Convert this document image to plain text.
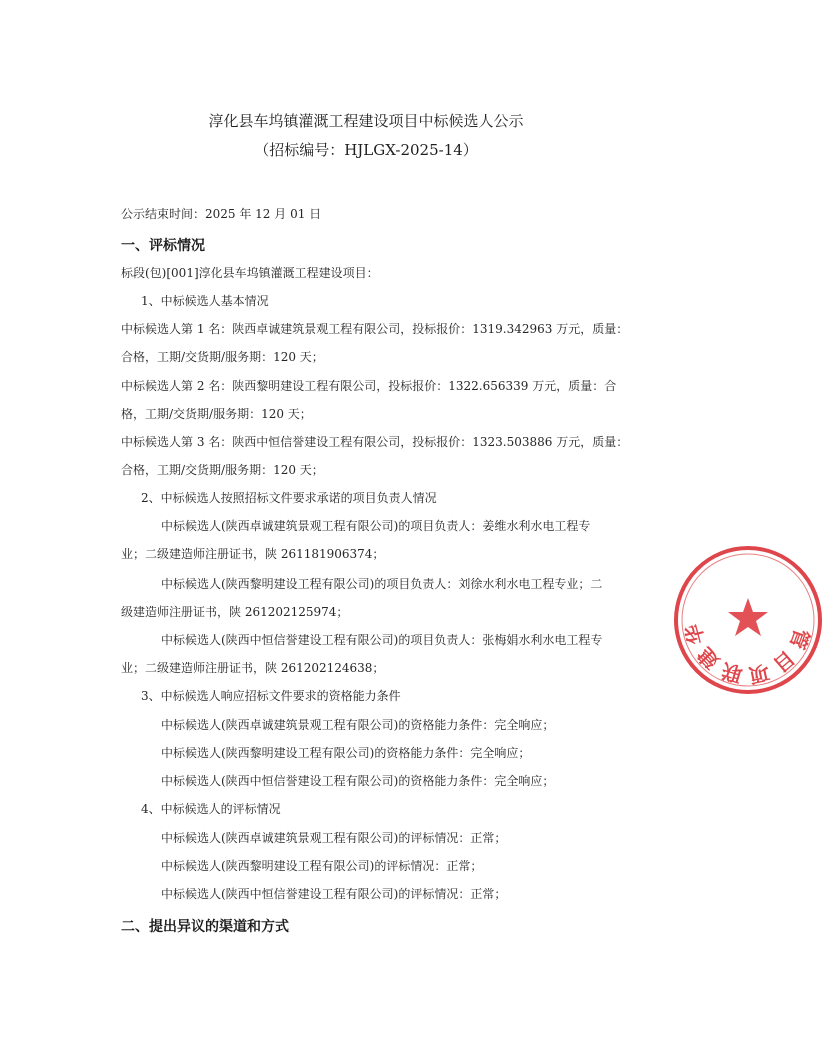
淳化县车坞镇灌溉工程建设项目中标候选人公示
（招标编号：HJLGX-2025-14）
公示结束时间：2025 年 12 月 01 日
一、评标情况
标段(包)[001]淳化县车坞镇灌溉工程建设项目：
1、中标候选人基本情况
中标候选人第 1 名：陕西卓诚建筑景观工程有限公司，投标报价：1319.342963 万元，质量：
合格，工期/交货期/服务期：120 天；
中标候选人第 2 名：陕西黎明建设工程有限公司，投标报价：1322.656339 万元，质量：合
格，工期/交货期/服务期：120 天；
中标候选人第 3 名：陕西中恒信誉建设工程有限公司，投标报价：1323.503886 万元，质量：
合格，工期/交货期/服务期：120 天；
2、中标候选人按照招标文件要求承诺的项目负责人情况
中标候选人(陕西卓诚建筑景观工程有限公司)的项目负责人：姜维水利水电工程专
业；二级建造师注册证书，陕 261181906374；
中标候选人(陕西黎明建设工程有限公司)的项目负责人：刘徐水利水电工程专业；二
级建造师注册证书，陕 261202125974；
中标候选人(陕西中恒信誉建设工程有限公司)的项目负责人：张梅娟水利水电工程专
业；二级建造师注册证书，陕 261202124638；
3、中标候选人响应招标文件要求的资格能力条件
中标候选人(陕西卓诚建筑景观工程有限公司)的资格能力条件：完全响应；
中标候选人(陕西黎明建设工程有限公司)的资格能力条件：完全响应；
中标候选人(陕西中恒信誉建设工程有限公司)的资格能力条件：完全响应；
4、中标候选人的评标情况
中标候选人(陕西卓诚建筑景观工程有限公司)的评标情况：正常；
中标候选人(陕西黎明建设工程有限公司)的评标情况：正常；
中标候选人(陕西中恒信誉建设工程有限公司)的评标情况：正常；
二、提出异议的渠道和方式
华
建
联 项
目
管
